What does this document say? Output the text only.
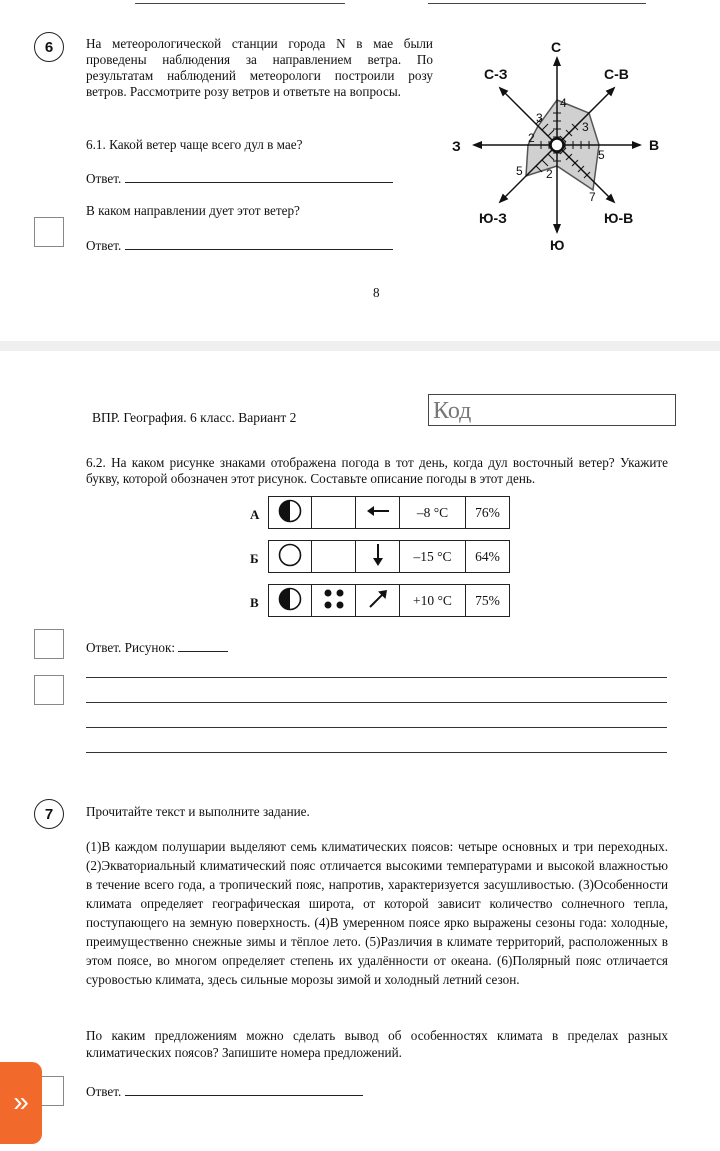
6	На метеорологической станции города N в мае были проведены наблюдения за направлением ветра. По результатам наблюдений метеорологи построили розу ветров. Рассмотрите розу ветров и ответьте на вопросы.
6.1. Какой ветер чаще всего дул в мае?
Ответ.
В каком направлении дует этот ветер?
Ответ.
С
С-В
В
Ю-В
Ю
Ю-З
З
С-З
4
3
5
7
2
5
2
3
8
ВПР. География. 6 класс. Вариант 2	Код
6.2. На каком рисунке знаками отображена погода в тот день, когда дул восточный ветер? Укажите букву, которой обозначен этот рисунок. Составьте описание погоды в этот день.
А
				–8 °C	76%
Б
				–15 °C	64%
В
				+10 °C	75%
Ответ. Рисунок:
7	Прочитайте текст и выполните задание.
(1)В каждом полушарии выделяют семь климатических поясов: четыре основных и три переходных. (2)Экваториальный климатический пояс отличается высокими температурами и высокой влажностью в течение всего года, а тропический пояс, напротив, характеризуется засушливостью. (3)Особенности климата определяет географическая широта, от которой зависит количество солнечного тепла, поступающего на земную поверхность. (4)В умеренном поясе ярко выражены сезоны года: холодные, преимущественно снежные зимы и тёплое лето. (5)Различия в климате территорий, расположенных в этом поясе, во многом определяет степень их удалённости от океана. (6)Полярный пояс отличается суровостью климата, здесь сильные морозы зимой и холодный летний сезон.
По каким предложениям можно сделать вывод об особенностях климата в пределах разных климатических поясов? Запишите номера предложений.
Ответ.
»
